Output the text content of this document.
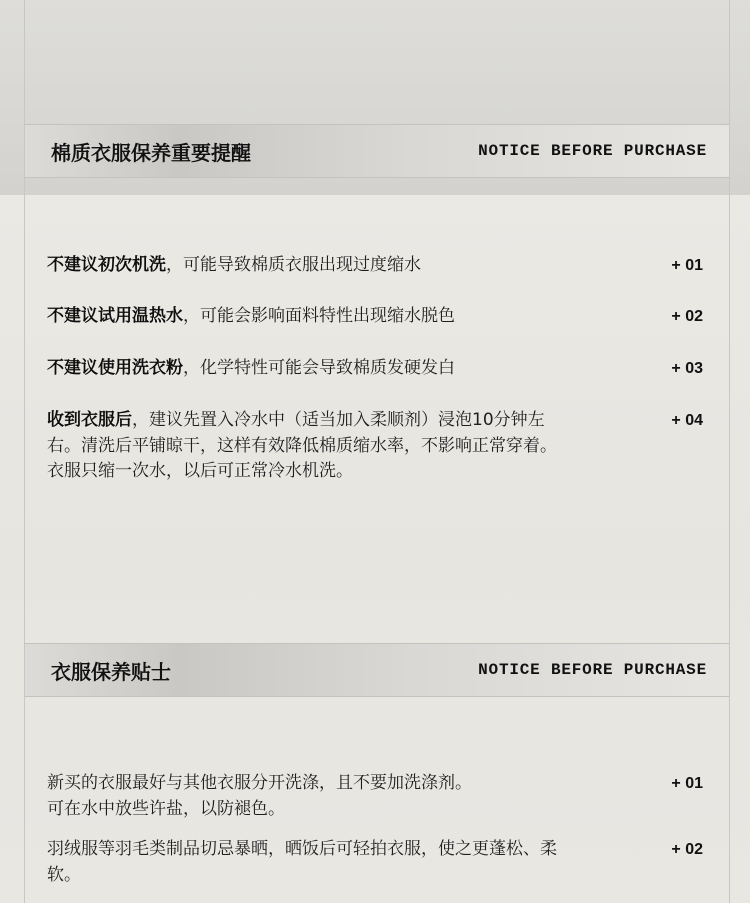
棉质衣服保养重要提醒	NOTICE BEFORE PURCHASE
不建议初次机洗，可能导致棉质衣服出现过度缩水	+ 01
不建议试用温热水，可能会影响面料特性出现缩水脱色	+ 02
不建议使用洗衣粉，化学特性可能会导致棉质发硬发白	+ 03
收到衣服后，建议先置入冷水中（适当加入柔顺剂）浸泡10分钟左右。清洗后平铺晾干，这样有效降低棉质缩水率，不影响正常穿着。
衣服只缩一次水，以后可正常冷水机洗。
+ 04
衣服保养贴士	NOTICE BEFORE PURCHASE
新买的衣服最好与其他衣服分开洗涤，且不要加洗涤剂。
可在水中放些许盐，以防褪色。
+ 01
羽绒服等羽毛类制品切忌暴晒，晒饭后可轻拍衣服，使之更蓬松、柔软。
+ 02
